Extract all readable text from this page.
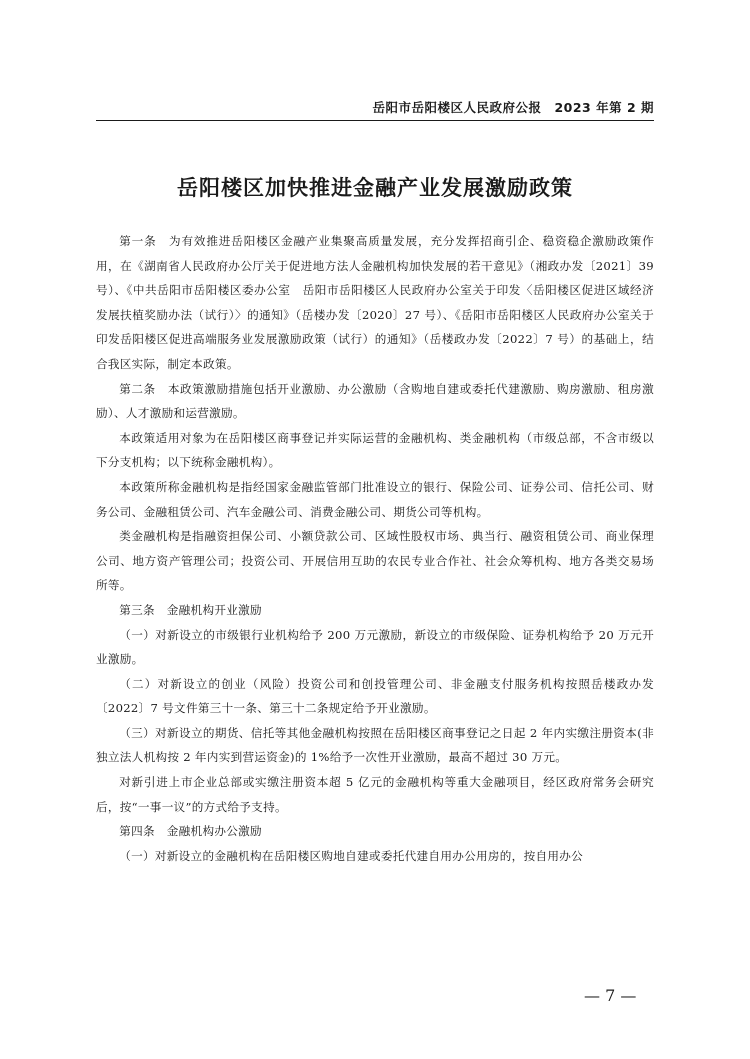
岳阳市岳阳楼区人民政府公报　2023 年第 2 期
岳阳楼区加快推进金融产业发展激励政策

第一条　为有效推进岳阳楼区金融产业集聚高质量发展，充分发挥招商引企、稳资稳企激励政策作用，在《湖南省人民政府办公厅关于促进地方法人金融机构加快发展的若干意见》（湘政办发〔2021〕39 号）、《中共岳阳市岳阳楼区委办公室　岳阳市岳阳楼区人民政府办公室关于印发〈岳阳楼区促进区域经济发展扶植奖励办法（试行）〉的通知》（岳楼办发〔2020〕27 号）、《岳阳市岳阳楼区人民政府办公室关于印发岳阳楼区促进高端服务业发展激励政策（试行）的通知》（岳楼政办发〔2022〕7 号）的基础上，结合我区实际，制定本政策。

第二条　本政策激励措施包括开业激励、办公激励（含购地自建或委托代建激励、购房激励、租房激励）、人才激励和运营激励。

本政策适用对象为在岳阳楼区商事登记并实际运营的金融机构、类金融机构（市级总部，不含市级以下分支机构；以下统称金融机构）。

本政策所称金融机构是指经国家金融监管部门批准设立的银行、保险公司、证券公司、信托公司、财务公司、金融租赁公司、汽车金融公司、消费金融公司、期货公司等机构。

类金融机构是指融资担保公司、小额贷款公司、区域性股权市场、典当行、融资租赁公司、商业保理公司、地方资产管理公司；投资公司、开展信用互助的农民专业合作社、社会众筹机构、地方各类交易场所等。

第三条　金融机构开业激励

（一）对新设立的市级银行业机构给予 200 万元激励，新设立的市级保险、证券机构给予 20 万元开业激励。

（二）对新设立的创业（风险）投资公司和创投管理公司、非金融支付服务机构按照岳楼政办发〔2022〕7 号文件第三十一条、第三十二条规定给予开业激励。

（三）对新设立的期货、信托等其他金融机构按照在岳阳楼区商事登记之日起 2 年内实缴注册资本(非独立法人机构按 2 年内实到营运资金)的 1%给予一次性开业激励，最高不超过 30 万元。

对新引进上市企业总部或实缴注册资本超 5 亿元的金融机构等重大金融项目，经区政府常务会研究后，按“一事一议”的方式给予支持。

第四条　金融机构办公激励

（一）对新设立的金融机构在岳阳楼区购地自建或委托代建自用办公用房的，按自用办公

— 7 —
